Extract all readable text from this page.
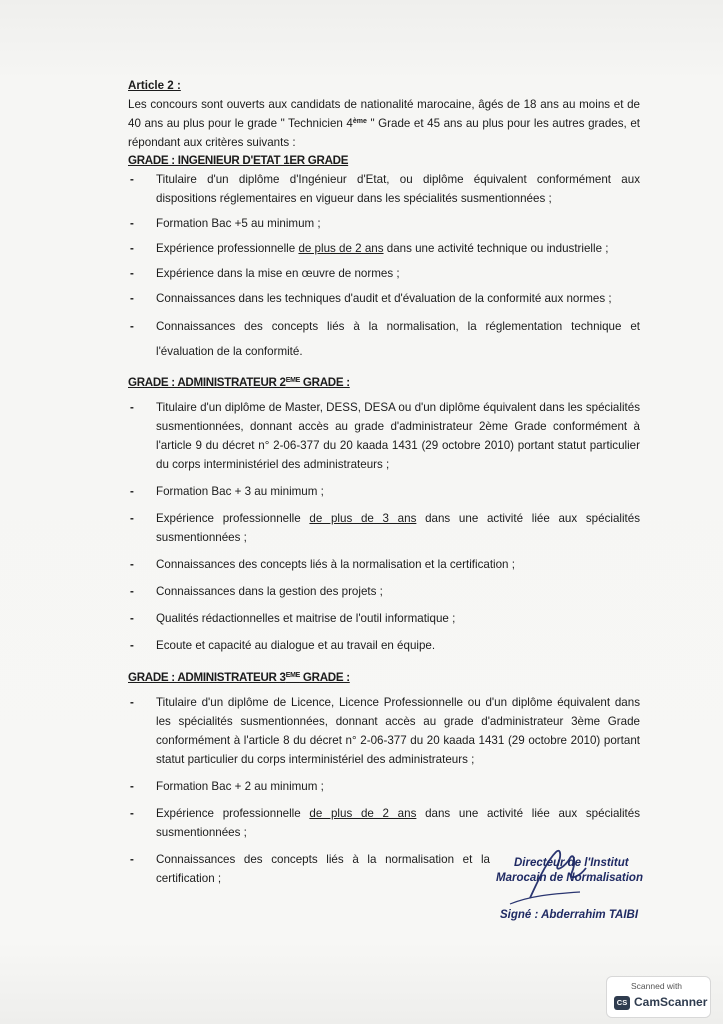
Article 2 :

Les concours sont ouverts aux candidats de nationalité marocaine, âgés de 18 ans au moins et de 40 ans au plus pour le grade " Technicien 4ème " Grade et 45 ans au plus pour les autres grades, et répondant aux critères suivants :

GRADE : INGENIEUR D'ETAT 1ER GRADE

- Titulaire d'un diplôme d'Ingénieur d'Etat, ou diplôme équivalent conformément aux dispositions réglementaires en vigueur dans les spécialités susmentionnées ;
- Formation Bac +5 au minimum ;
- Expérience professionnelle de plus de 2 ans dans une activité technique ou industrielle ;
- Expérience dans la mise en œuvre de normes ;
- Connaissances dans les techniques d'audit et d'évaluation de la conformité aux normes ;
- Connaissances des concepts liés à la normalisation, la réglementation technique et l'évaluation de la conformité.

GRADE : ADMINISTRATEUR 2EME GRADE :

- Titulaire d'un diplôme de Master, DESS, DESA ou d'un diplôme équivalent dans les spécialités susmentionnées, donnant accès au grade d'administrateur 2ème Grade conformément à l'article 9 du décret n° 2-06-377 du 20 kaada 1431 (29 octobre 2010) portant statut particulier du corps interministériel des administrateurs ;
- Formation Bac + 3 au minimum ;
- Expérience professionnelle de plus de 3 ans dans une activité liée aux spécialités susmentionnées ;
- Connaissances des concepts liés à la normalisation et la certification ;
- Connaissances dans la gestion des projets ;
- Qualités rédactionnelles et maitrise de l'outil informatique ;
- Ecoute et capacité au dialogue et au travail en équipe.

GRADE : ADMINISTRATEUR 3EME GRADE :

- Titulaire d'un diplôme de Licence, Licence Professionnelle ou d'un diplôme équivalent dans les spécialités susmentionnées, donnant accès au grade d'administrateur 3ème Grade conformément à l'article 8 du décret n° 2-06-377 du 20 kaada 1431 (29 octobre 2010) portant statut particulier du corps interministériel des administrateurs ;
- Formation Bac + 2 au minimum ;
- Expérience professionnelle de plus de 2 ans dans une activité liée aux spécialités susmentionnées ;
- Connaissances des concepts liés à la normalisation et la certification ;
Directeur de l'Institut
Marocain de Normalisation
Signé : Abderrahim TAIBI
Scanned with
CS CamScanner
